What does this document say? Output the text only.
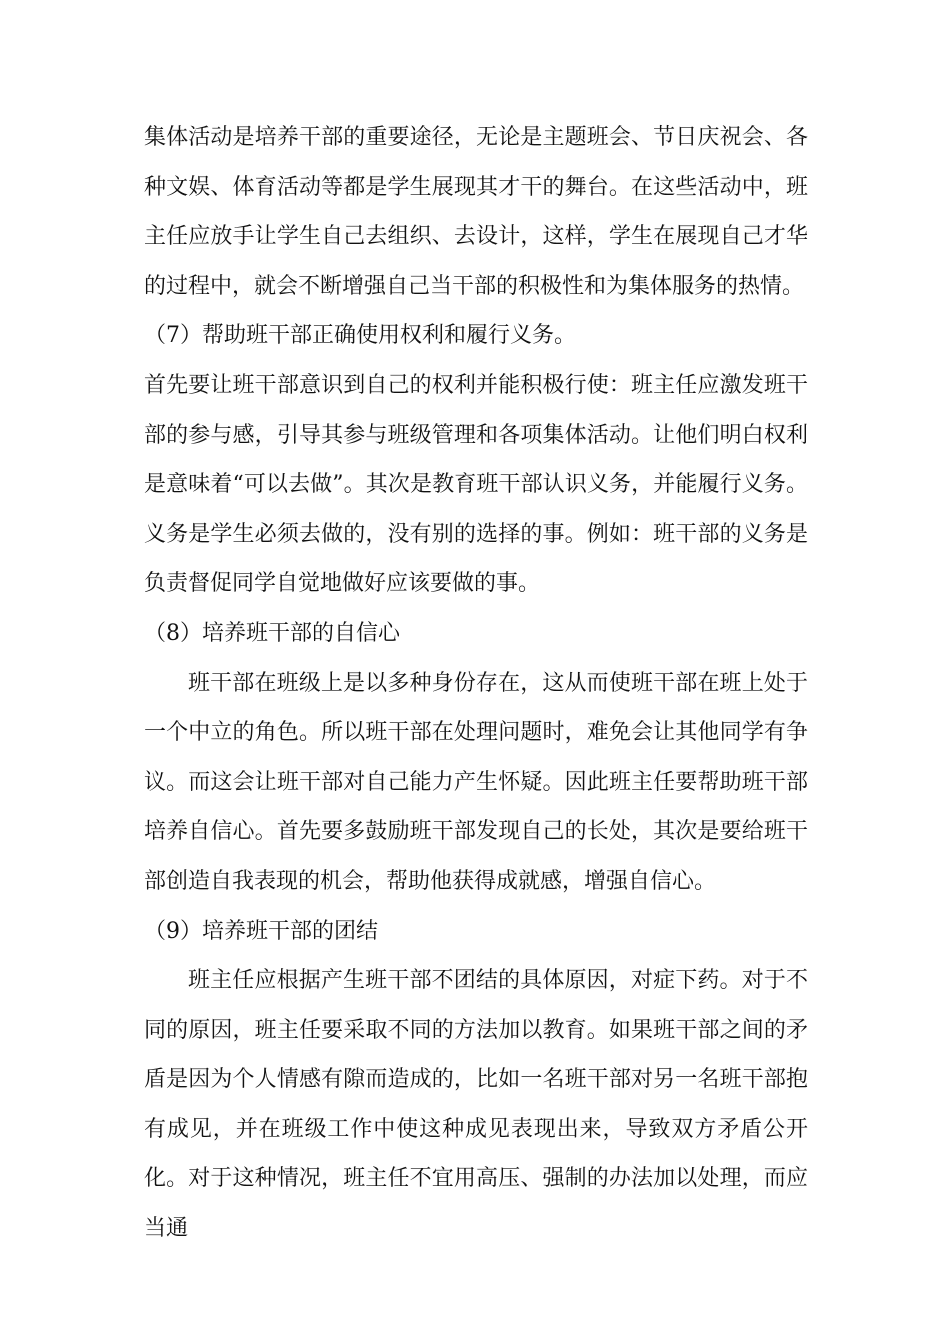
集体活动是培养干部的重要途径，无论是主题班会、节日庆祝会、各种文娱、体育活动等都是学生展现其才干的舞台。在这些活动中，班主任应放手让学生自己去组织、去设计，这样，学生在展现自己才华的过程中，就会不断增强自己当干部的积极性和为集体服务的热情。

（7）帮助班干部正确使用权利和履行义务。

首先要让班干部意识到自己的权利并能积极行使：班主任应激发班干部的参与感，引导其参与班级管理和各项集体活动。让他们明白权利是意味着“可以去做”。其次是教育班干部认识义务，并能履行义务。义务是学生必须去做的，没有别的选择的事。例如：班干部的义务是负责督促同学自觉地做好应该要做的事。

（8）培养班干部的自信心

班干部在班级上是以多种身份存在，这从而使班干部在班上处于一个中立的角色。所以班干部在处理问题时，难免会让其他同学有争议。而这会让班干部对自己能力产生怀疑。因此班主任要帮助班干部培养自信心。首先要多鼓励班干部发现自己的长处，其次是要给班干部创造自我表现的机会，帮助他获得成就感，增强自信心。

（9）培养班干部的团结

班主任应根据产生班干部不团结的具体原因，对症下药。对于不同的原因，班主任要采取不同的方法加以教育。如果班干部之间的矛盾是因为个人情感有隙而造成的，比如一名班干部对另一名班干部抱有成见，并在班级工作中使这种成见表现出来，导致双方矛盾公开化。对于这种情况，班主任不宜用高压、强制的办法加以处理，而应当通
